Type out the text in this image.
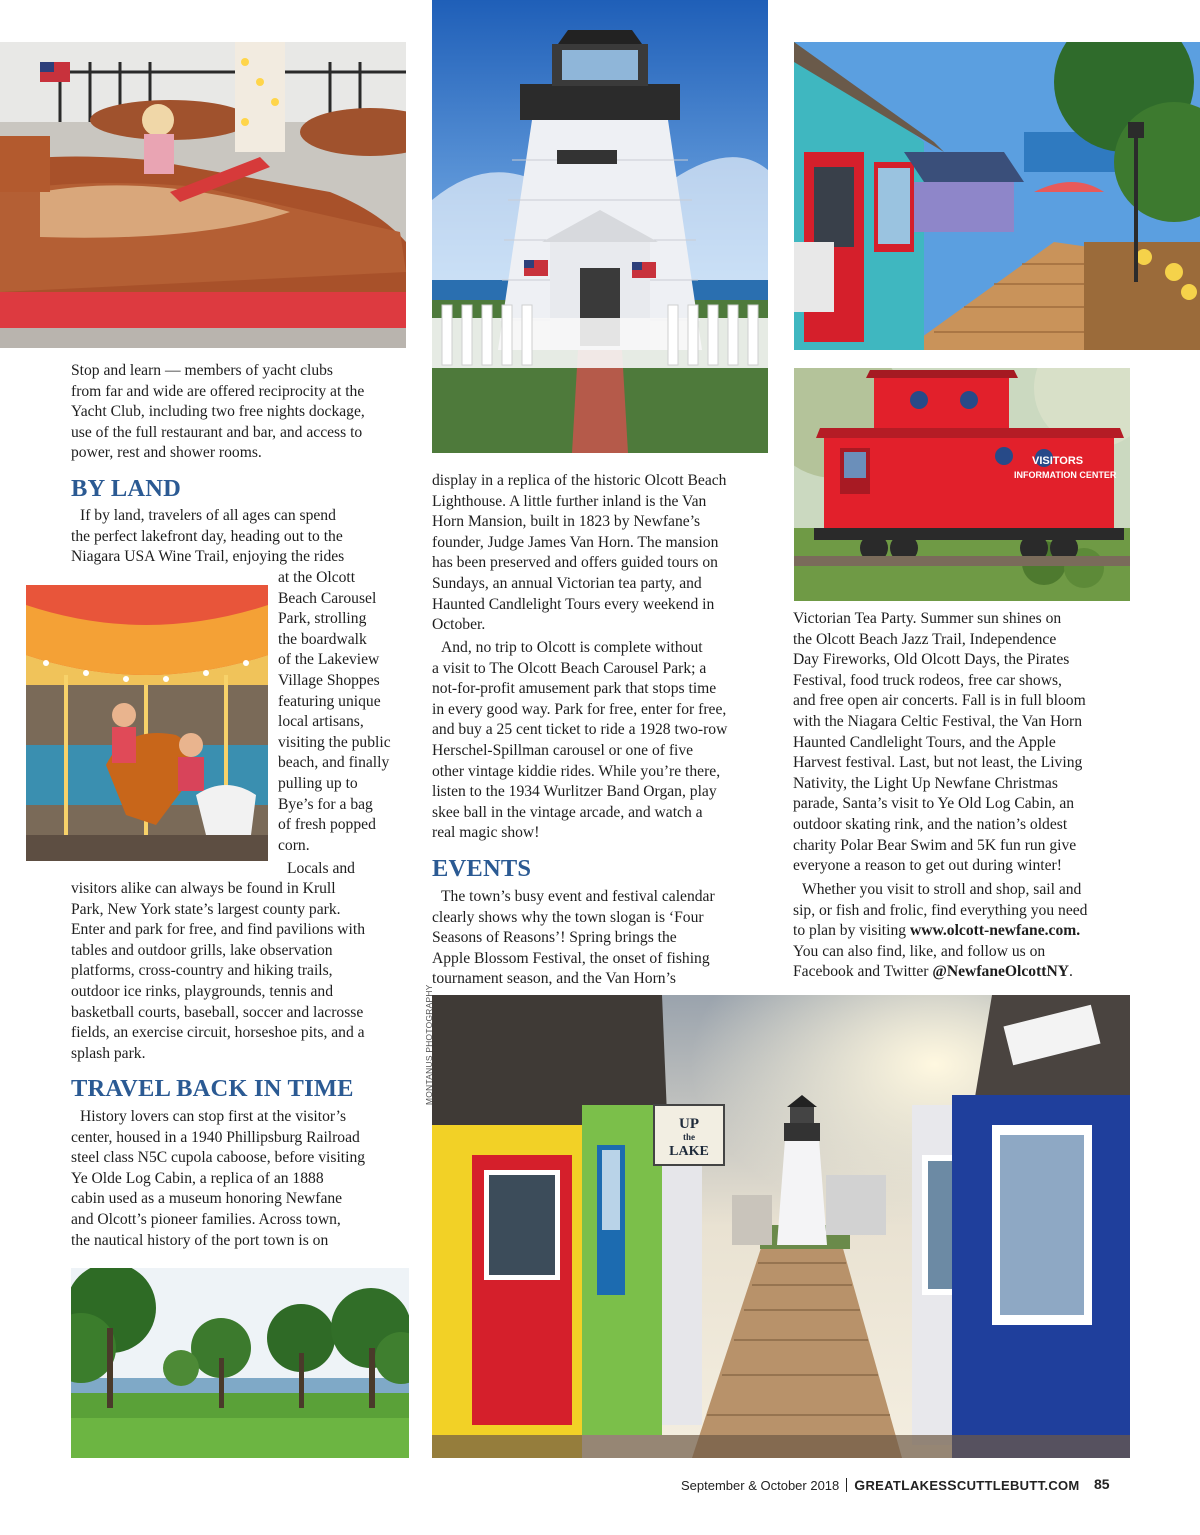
VISITORS
INFORMATION CENTER
UP
the
LAKE

Stop and learn — members of yacht clubs

from far and wide are offered reciprocity at the

Yacht Club, including two free nights dockage,

use of the full restaurant and bar, and access to

power, rest and shower rooms.

BY LAND

If by land, travelers of all ages can spend

the perfect lakefront day, heading out to the

Niagara USA Wine Trail, enjoying the rides

at the Olcott

Beach Carousel

Park, strolling

the boardwalk

of the Lakeview

Village Shoppes

featuring unique

local artisans,

visiting the public

beach, and finally

pulling up to

Bye’s for a bag

of fresh popped

corn.

Locals and

visitors alike can always be found in Krull

Park, New York state’s largest county park.

Enter and park for free, and find pavilions with

tables and outdoor grills, lake observation

platforms, cross-country and hiking trails,

outdoor ice rinks, playgrounds, tennis and

basketball courts, baseball, soccer and lacrosse

fields, an exercise circuit, horseshoe pits, and a

splash park.

TRAVEL BACK IN TIME

History lovers can stop first at the visitor’s

center, housed in a 1940 Phillipsburg Railroad

steel class N5C cupola caboose, before visiting

Ye Olde Log Cabin, a replica of an 1888

cabin used as a museum honoring Newfane

and Olcott’s pioneer families. Across town,

the nautical history of the port town is on

display in a replica of the historic Olcott Beach

Lighthouse. A little further inland is the Van

Horn Mansion, built in 1823 by Newfane’s

founder, Judge James Van Horn. The mansion

has been preserved and offers guided tours on

Sundays, an annual Victorian tea party, and

Haunted Candlelight Tours every weekend in

October.

And, no trip to Olcott is complete without

a visit to The Olcott Beach Carousel Park; a

not-for-profit amusement park that stops time

in every good way. Park for free, enter for free,

and buy a 25 cent ticket to ride a 1928 two-row

Herschel-Spillman carousel or one of five

other vintage kiddie rides. While you’re there,

listen to the 1934 Wurlitzer Band Organ, play

skee ball in the vintage arcade, and watch a

real magic show!

EVENTS

The town’s busy event and festival calendar

clearly shows why the town slogan is ‘Four

Seasons of Reasons’! Spring brings the

Apple Blossom Festival, the onset of fishing

tournament season, and the Van Horn’s

Victorian Tea Party. Summer sun shines on

the Olcott Beach Jazz Trail, Independence

Day Fireworks, Old Olcott Days, the Pirates

Festival, food truck rodeos, free car shows,

and free open air concerts. Fall is in full bloom

with the Niagara Celtic Festival, the Van Horn

Haunted Candlelight Tours, and the Apple

Harvest festival. Last, but not least, the Living

Nativity, the Light Up Newfane Christmas

parade, Santa’s visit to Ye Old Log Cabin, an

outdoor skating rink, and the nation’s oldest

charity Polar Bear Swim and 5K fun run give

everyone a reason to get out during winter!

Whether you visit to stroll and shop, sail and

sip, or fish and frolic, find everything you need

to plan by visiting www.olcott-newfane.com.

You can also find, like, and follow us on

Facebook and Twitter @NewfaneOlcottNY.

MONTANUS PHOTOGRAPHY
September & October 2018 GREATLAKESSCUTTLEBUTT.COM 85
